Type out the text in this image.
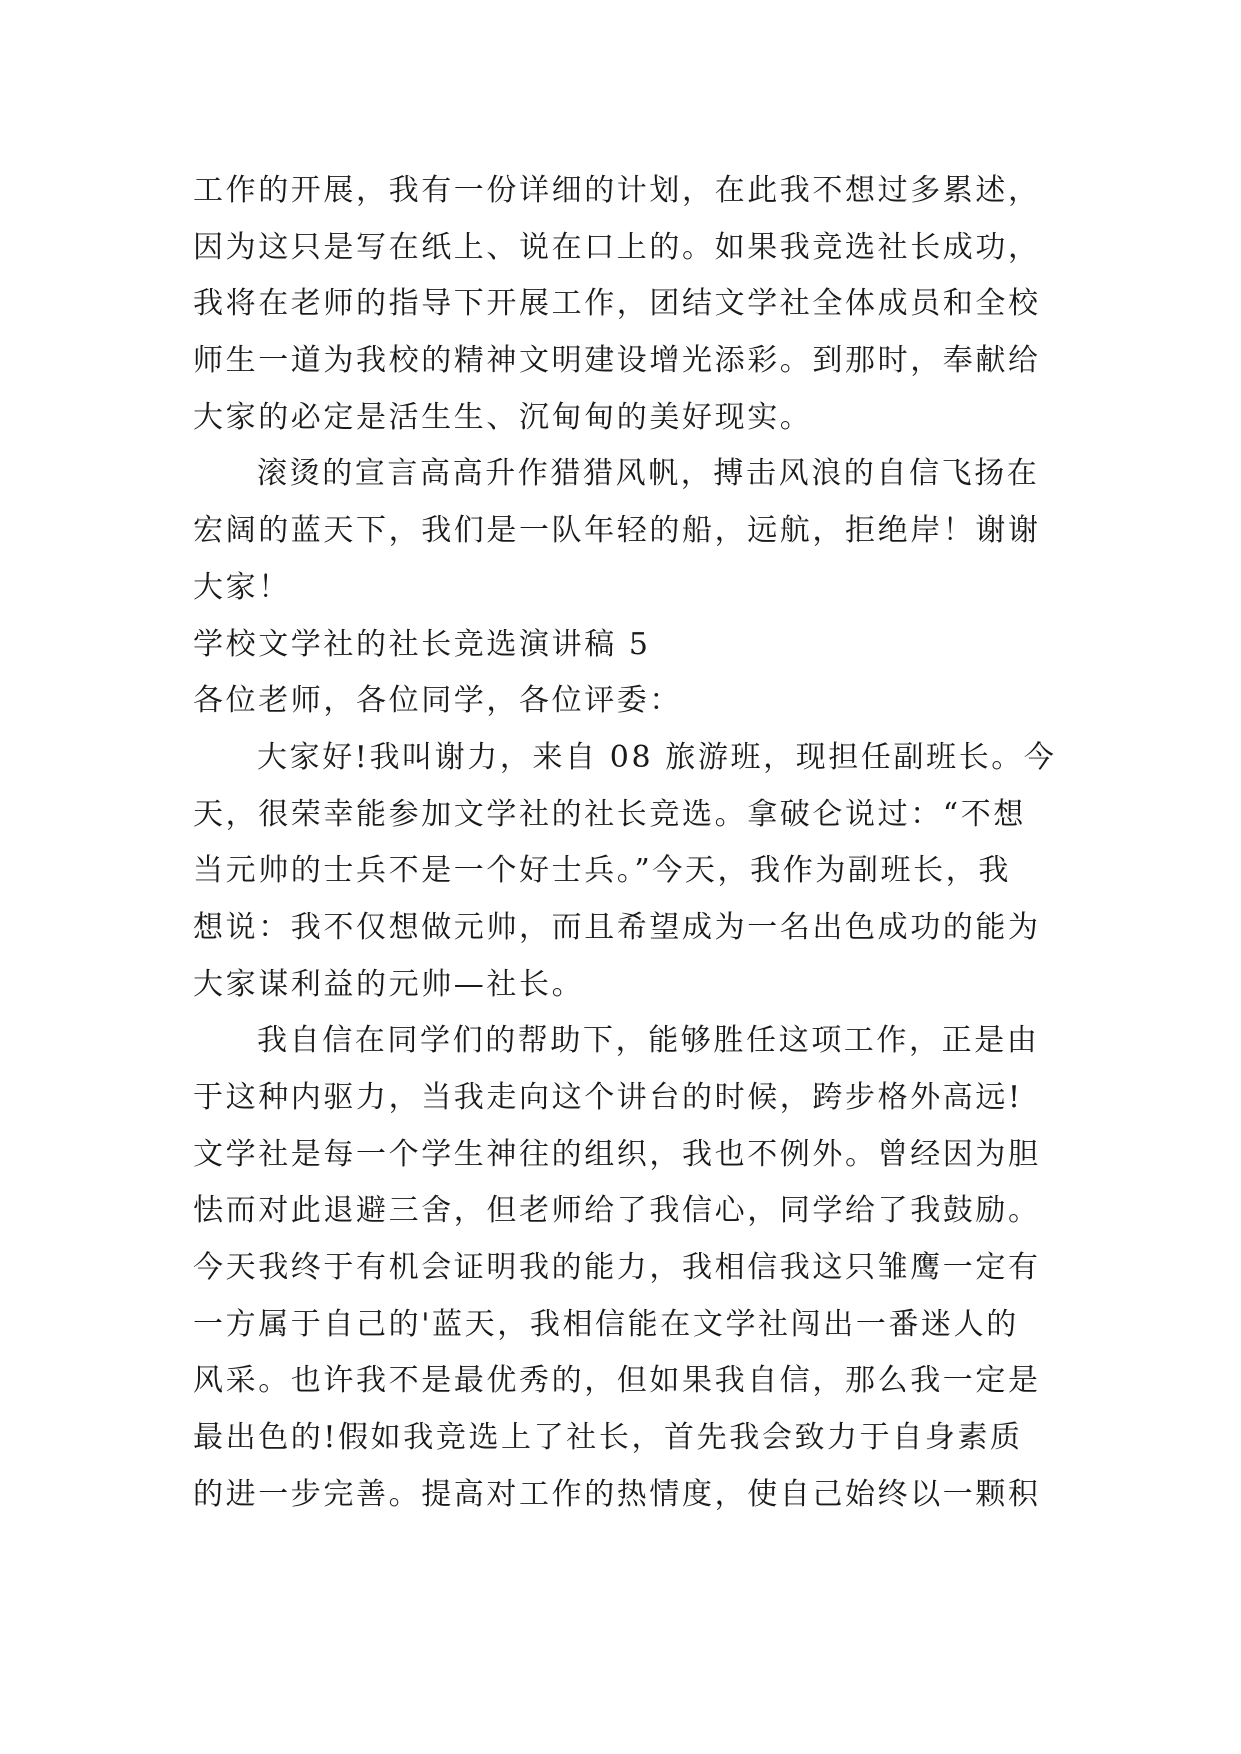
工作的开展，我有一份详细的计划，在此我不想过多累述，
因为这只是写在纸上、说在口上的。如果我竞选社长成功，
我将在老师的指导下开展工作，团结文学社全体成员和全校
师生一道为我校的精神文明建设增光添彩。到那时，奉献给
大家的必定是活生生、沉甸甸的美好现实。
滚烫的宣言高高升作猎猎风帆，搏击风浪的自信飞扬在
宏阔的蓝天下，我们是一队年轻的船，远航，拒绝岸！谢谢
大家！
学校文学社的社长竞选演讲稿 5
各位老师，各位同学，各位评委：
大家好!我叫谢力，来自 08 旅游班，现担任副班长。今
天，很荣幸能参加文学社的社长竞选。拿破仑说过：“不想
当元帅的士兵不是一个好士兵。”今天，我作为副班长，我
想说：我不仅想做元帅，而且希望成为一名出色成功的能为
大家谋利益的元帅—社长。
我自信在同学们的帮助下，能够胜任这项工作，正是由
于这种内驱力，当我走向这个讲台的时候，跨步格外高远!
文学社是每一个学生神往的组织，我也不例外。曾经因为胆
怯而对此退避三舍，但老师给了我信心，同学给了我鼓励。
今天我终于有机会证明我的能力，我相信我这只雏鹰一定有
一方属于自己的'蓝天，我相信能在文学社闯出一番迷人的
风采。也许我不是最优秀的，但如果我自信，那么我一定是
最出色的!假如我竞选上了社长，首先我会致力于自身素质
的进一步完善。提高对工作的热情度，使自己始终以一颗积
